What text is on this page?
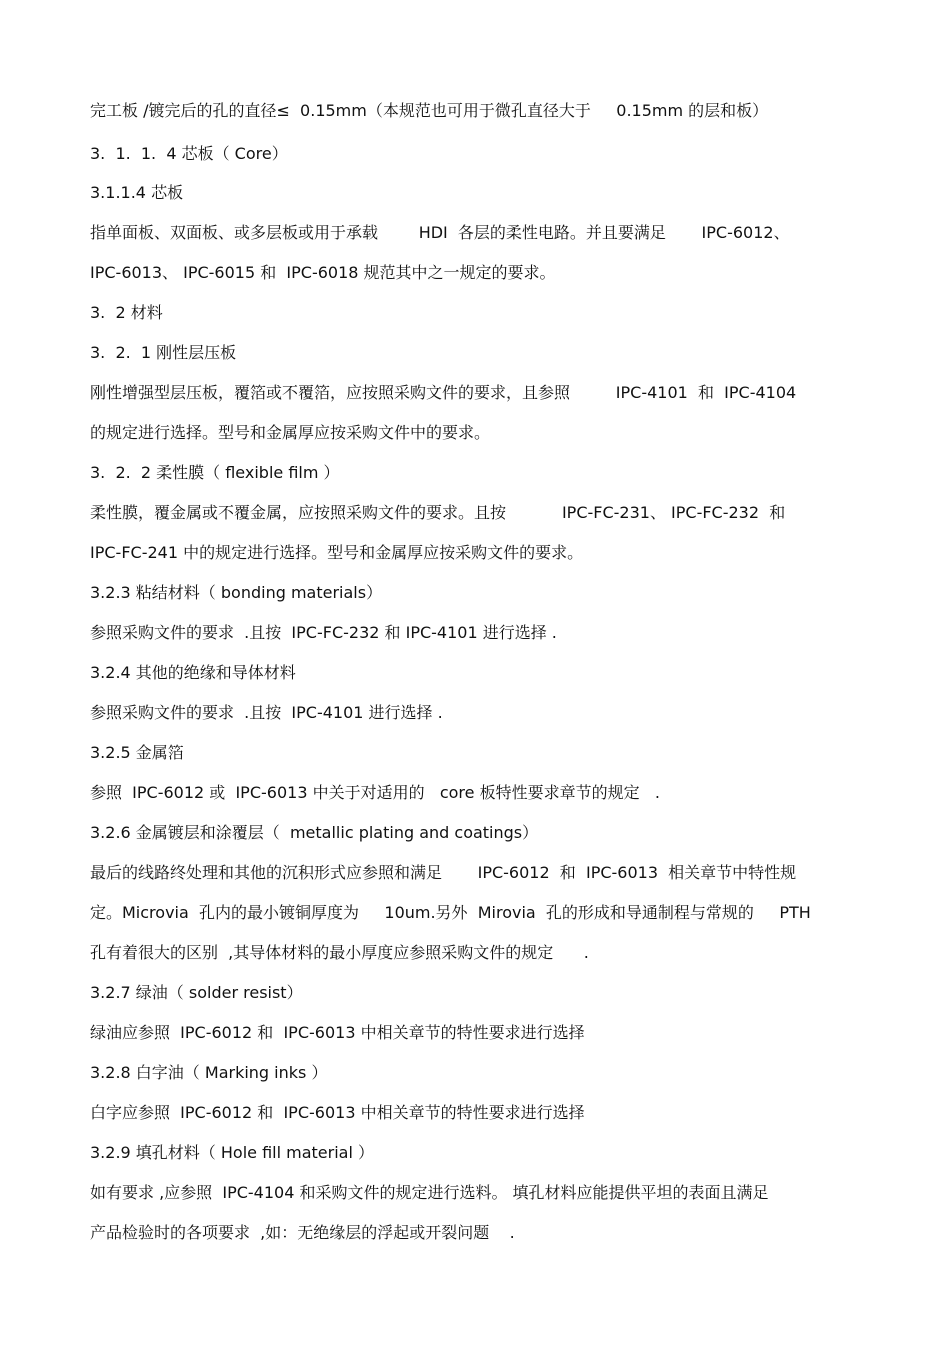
完工板 /镀完后的孔的直径≤  0.15mm（本规范也可用于微孔直径大于     0.15mm 的层和板）
3.  1.  1.  4 芯板（ Core）
3.1.1.4 芯板
指单面板、双面板、或多层板或用于承载        HDI  各层的柔性电路。并且要满足       IPC-6012、
IPC-6013、 IPC-6015 和  IPC-6018 规范其中之一规定的要求。
3.  2 材料
3.  2.  1 刚性层压板
刚性增强型层压板，覆箔或不覆箔，应按照采购文件的要求，且参照         IPC-4101  和  IPC-4104
的规定进行选择。型号和金属厚应按采购文件中的要求。
3.  2.  2 柔性膜（ flexible film ）
柔性膜，覆金属或不覆金属，应按照采购文件的要求。且按           IPC-FC-231、 IPC-FC-232  和
IPC-FC-241 中的规定进行选择。型号和金属厚应按采购文件的要求。
3.2.3 粘结材料（ bonding materials）
参照采购文件的要求  .且按  IPC-FC-232 和 IPC-4101 进行选择 .
3.2.4 其他的绝缘和导体材料
参照采购文件的要求  .且按  IPC-4101 进行选择 .
3.2.5 金属箔
参照  IPC-6012 或  IPC-6013 中关于对适用的   core 板特性要求章节的规定   .
3.2.6 金属镀层和涂覆层（  metallic plating and coatings）
最后的线路终处理和其他的沉积形式应参照和满足       IPC-6012  和  IPC-6013  相关章节中特性规
定。Microvia  孔内的最小镀铜厚度为     10um.另外  Mirovia  孔的形成和导通制程与常规的     PTH
孔有着很大的区别  ,其导体材料的最小厚度应参照采购文件的规定      .
3.2.7 绿油（ solder resist）
绿油应参照  IPC-6012 和  IPC-6013 中相关章节的特性要求进行选择
3.2.8 白字油（ Marking inks ）
白字应参照  IPC-6012 和  IPC-6013 中相关章节的特性要求进行选择
3.2.9 填孔材料（ Hole fill material ）
如有要求 ,应参照  IPC-4104 和采购文件的规定进行选料。 填孔材料应能提供平坦的表面且满足
产品检验时的各项要求  ,如：无绝缘层的浮起或开裂问题    .
